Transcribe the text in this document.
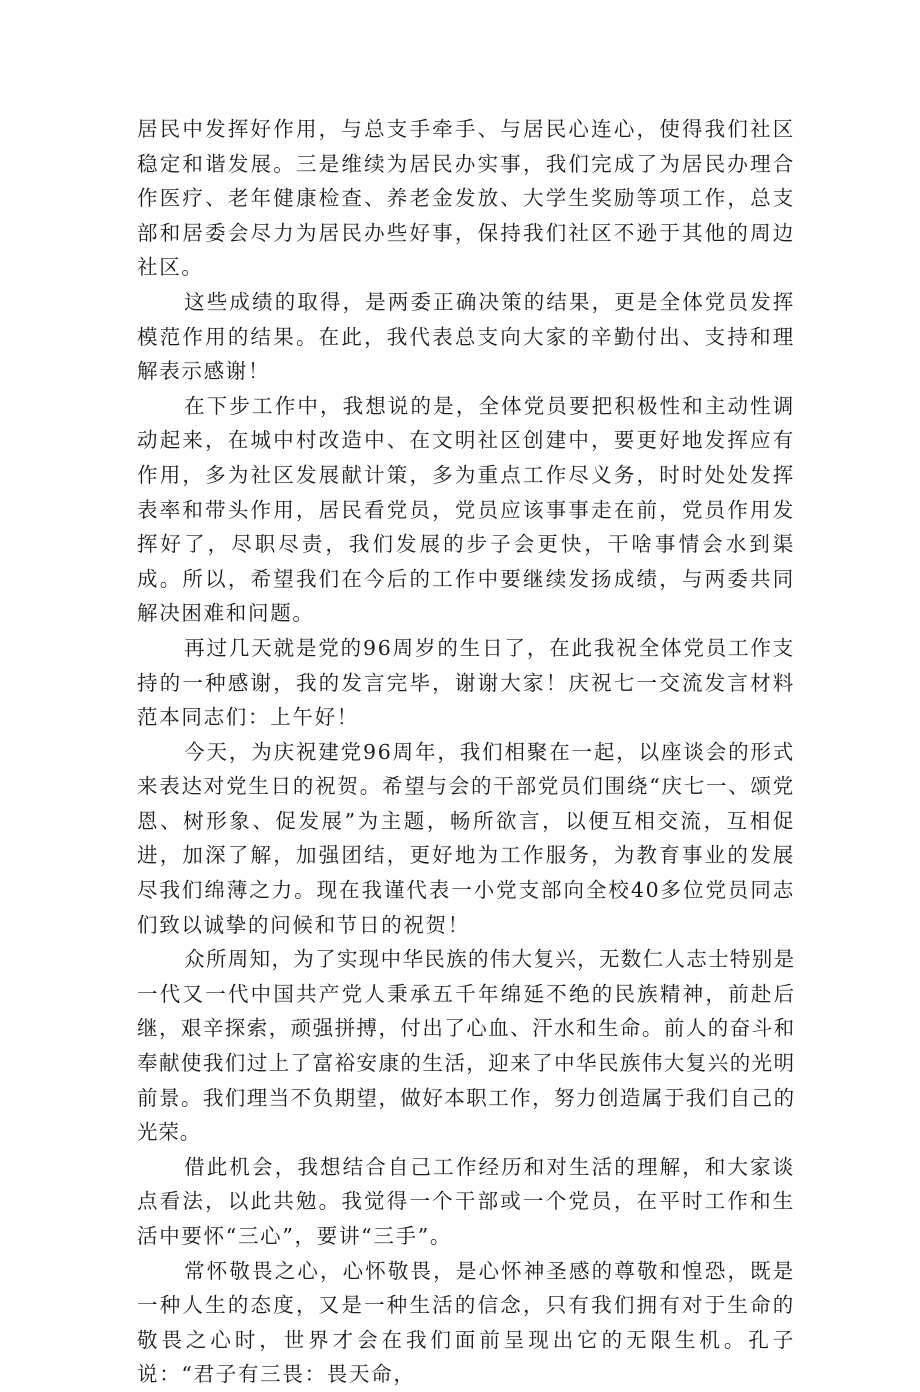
居民中发挥好作用，与总支手牵手、与居民心连心，使得我们社区稳定和谐发展。三是维续为居民办实事，我们完成了为居民办理合作医疗、老年健康检查、养老金发放、大学生奖励等项工作，总支部和居委会尽力为居民办些好事，保持我们社区不逊于其他的周边社区。

这些成绩的取得，是两委正确决策的结果，更是全体党员发挥模范作用的结果。在此，我代表总支向大家的辛勤付出、支持和理解表示感谢！

在下步工作中，我想说的是，全体党员要把积极性和主动性调动起来，在城中村改造中、在文明社区创建中，要更好地发挥应有作用，多为社区发展献计策，多为重点工作尽义务，时时处处发挥表率和带头作用，居民看党员，党员应该事事走在前，党员作用发挥好了，尽职尽责，我们发展的步子会更快，干啥事情会水到渠成。所以，希望我们在今后的工作中要继续发扬成绩，与两委共同解决困难和问题。

再过几天就是党的96周岁的生日了，在此我祝全体党员工作支持的一种感谢，我的发言完毕，谢谢大家！庆祝七一交流发言材料范本同志们：上午好！

今天，为庆祝建党96周年，我们相聚在一起，以座谈会的形式来表达对党生日的祝贺。希望与会的干部党员们围绕“庆七一、颂党恩、树形象、促发展”为主题，畅所欲言，以便互相交流，互相促进，加深了解，加强团结，更好地为工作服务，为教育事业的发展尽我们绵薄之力。现在我谨代表一小党支部向全校40多位党员同志们致以诚挚的问候和节日的祝贺！

众所周知，为了实现中华民族的伟大复兴，无数仁人志士特别是一代又一代中国共产党人秉承五千年绵延不绝的民族精神，前赴后继，艰辛探索，顽强拼搏，付出了心血、汗水和生命。前人的奋斗和奉献使我们过上了富裕安康的生活，迎来了中华民族伟大复兴的光明前景。我们理当不负期望，做好本职工作，努力创造属于我们自己的光荣。

借此机会，我想结合自己工作经历和对生活的理解，和大家谈点看法，以此共勉。我觉得一个干部或一个党员，在平时工作和生活中要怀“三心”，要讲“三手”。

常怀敬畏之心，心怀敬畏，是心怀神圣感的尊敬和惶恐，既是一种人生的态度，又是一种生活的信念，只有我们拥有对于生命的敬畏之心时，世界才会在我们面前呈现出它的无限生机。孔子说：“君子有三畏：畏天命，
